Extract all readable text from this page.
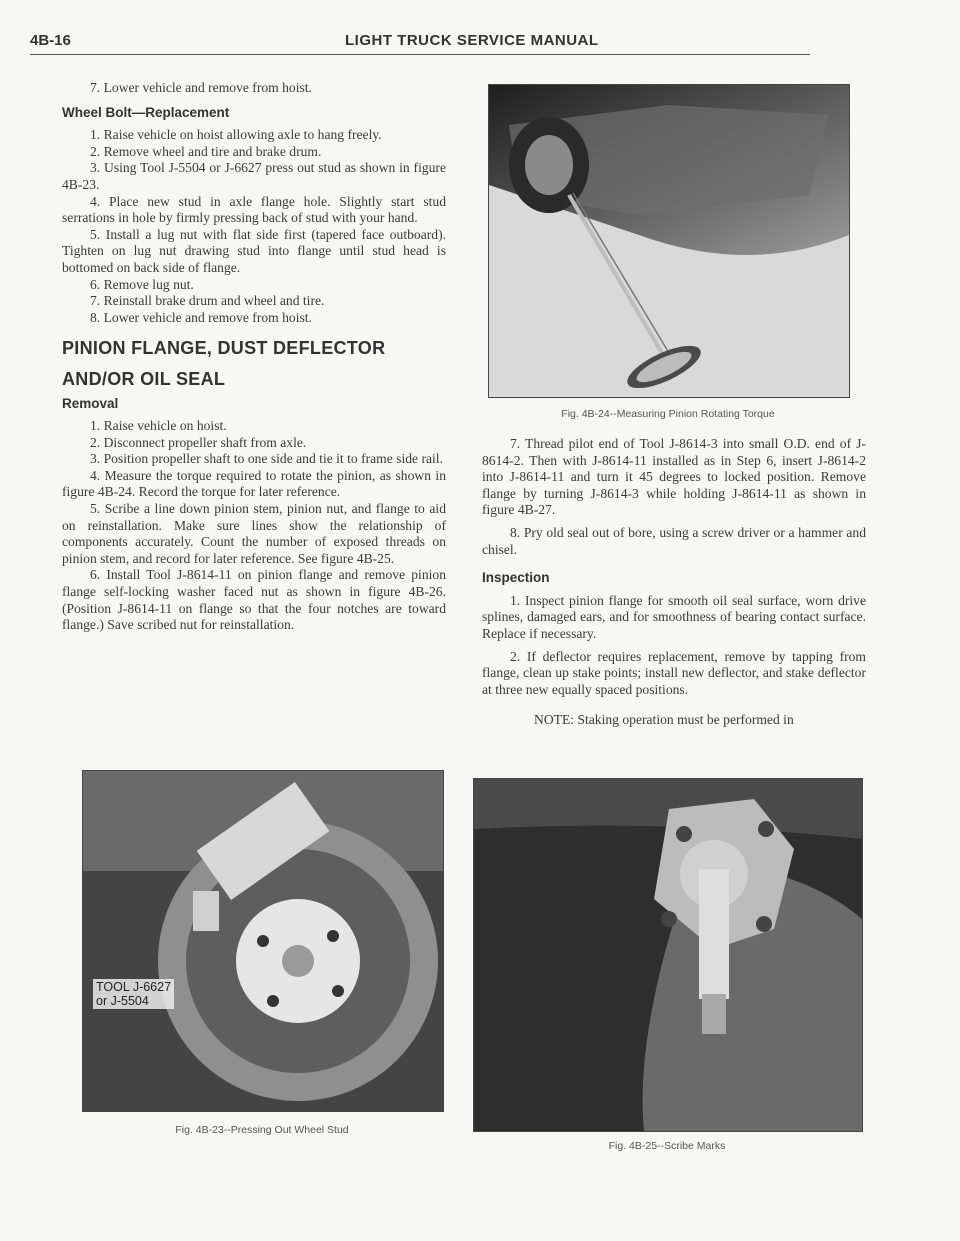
4B-16	LIGHT TRUCK SERVICE MANUAL

7. Lower vehicle and remove from hoist.

Wheel Bolt—Replacement

1. Raise vehicle on hoist allowing axle to hang freely.

2. Remove wheel and tire and brake drum.

3. Using Tool J-5504 or J-6627 press out stud as shown in figure 4B-23.

4. Place new stud in axle flange hole. Slightly start stud serrations in hole by firmly pressing back of stud with your hand.

5. Install a lug nut with flat side first (tapered face outboard). Tighten on lug nut drawing stud into flange until stud head is bottomed on back side of flange.

6. Remove lug nut.

7. Reinstall brake drum and wheel and tire.

8. Lower vehicle and remove from hoist.

PINION FLANGE, DUST DEFLECTOR
AND/OR OIL SEAL
Removal

1. Raise vehicle on hoist.

2. Disconnect propeller shaft from axle.

3. Position propeller shaft to one side and tie it to frame side rail.

4. Measure the torque required to rotate the pinion, as shown in figure 4B-24. Record the torque for later reference.

5. Scribe a line down pinion stem, pinion nut, and flange to aid on reinstallation. Make sure lines show the relationship of components accurately. Count the number of exposed threads on pinion stem, and record for later reference. See figure 4B-25.

6. Install Tool J-8614-11 on pinion flange and remove pinion flange self-locking washer faced nut as shown in figure 4B-26. (Position J-8614-11 on flange so that the four notches are toward flange.) Save scribed nut for reinstallation.

Fig. 4B-24--Measuring Pinion Rotating Torque

7. Thread pilot end of Tool J-8614-3 into small O.D. end of J-8614-2. Then with J-8614-11 installed as in Step 6, insert J-8614-2 into J-8614-11 and turn it 45 degrees to locked position. Remove flange by turning J-8614-3 while holding J-8614-11 as shown in figure 4B-27.

8. Pry old seal out of bore, using a screw driver or a hammer and chisel.

Inspection

1. Inspect pinion flange for smooth oil seal surface, worn drive splines, damaged ears, and for smoothness of bearing contact surface. Replace if necessary.

2. If deflector requires replacement, remove by tapping from flange, clean up stake points; install new deflector, and stake deflector at three new equally spaced positions.

NOTE: Staking operation must be performed in

TOOL J-6627
or J-5504
Fig. 4B-23--Pressing Out Wheel Stud
Fig. 4B-25--Scribe Marks
